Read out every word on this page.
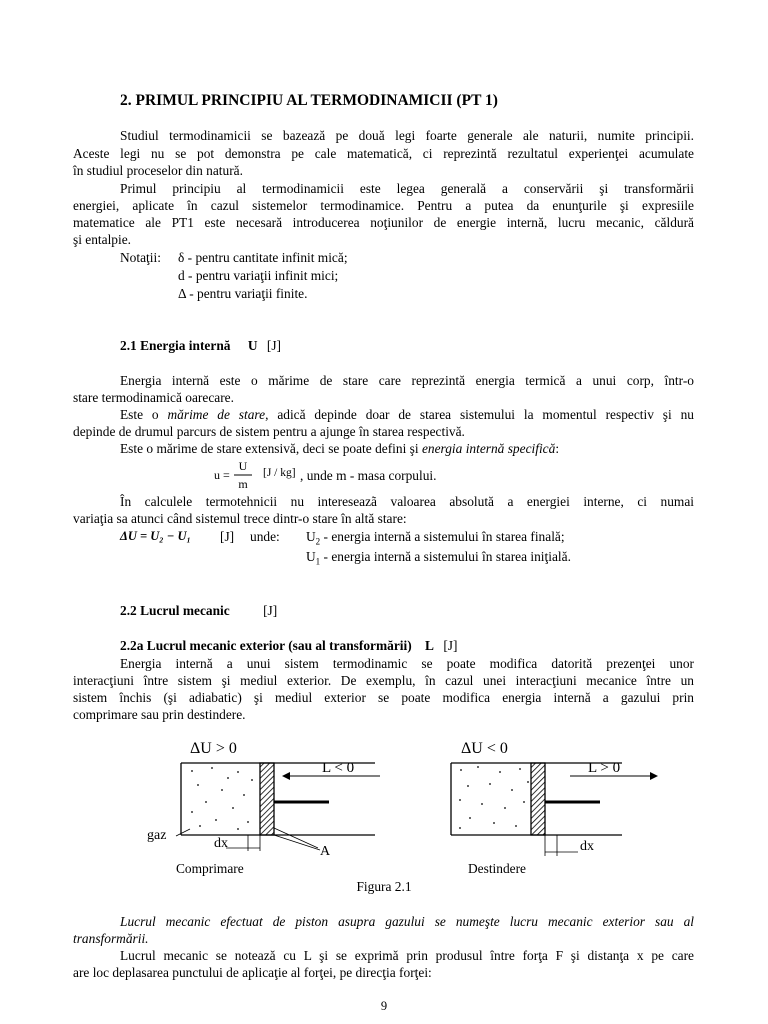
2. PRIMUL PRINCIPIU AL TERMODINAMICII (PT 1)
Studiul termodinamicii se bazează pe două legi foarte generale ale naturii, numite principii.
Aceste legi nu se pot demonstra pe cale matematică, ci reprezintă rezultatul experienţei acumulate
în studiul proceselor din natură.
Primul principiu al termodinamicii este legea generală a conservării şi transformării
energiei, aplicate în cazul sistemelor termodinamice. Pentru a putea da enunţurile şi expresiile
matematice ale PT1 este necesară introducerea noţiunilor de energie internă, lucru mecanic, căldură
şi entalpie.
Notaţii: δ - pentru cantitate infinit mică;
d - pentru variaţii infinit mici;
Δ - pentru variaţii finite.
2.1 Energia internă U [J]
Energia internă este o mărime de stare care reprezintă energia termică a unui corp, într-o
stare termodinamică oarecare.
Este o mărime de stare, adică depinde doar de starea sistemului la momentul respectiv şi nu
depinde de drumul parcurs de sistem pentru a ajunge în starea respectivă.
Este o mărime de stare extensivă, deci se poate defini şi energia internă specifică:
u =
U
m
[J / kg] , unde m - masa corpului.
În calculele termotehnicii nu intereseazã valoarea absolută a energiei interne, ci numai
variaţia sa atunci când sistemul trece dintr-o stare în altă stare:
ΔU = U₂ − U₁ [J] unde: $U_2$ - energia internă a sistemului în starea finală;
$U_1$ - energia internă a sistemului în starea iniţială.
2.2 Lucrul mecanic [J]
2.2a Lucrul mecanic exterior (sau al transformării) L [J]
Energia internă a unui sistem termodinamic se poate modifica datorită prezenţei unor
interacţiuni între sistem şi mediul exterior. De exemplu, în cazul unei interacţiuni mecanice între un
sistem închis (şi adiabatic) şi mediul exterior se poate modifica energia internă a gazului prin
comprimare sau prin destindere.
ΔU > 0
L < 0
gaz
dx
A
Comprimare
ΔU < 0
L > 0
dx
Destindere
Figura 2.1
Lucrul mecanic efectuat de piston asupra gazului se numeşte lucru mecanic exterior sau al
transformării.
Lucrul mecanic se notează cu L şi se exprimă prin produsul între forţa F şi distanţa x pe care
are loc deplasarea punctului de aplicaţie al forţei, pe direcţia forţei:
9
